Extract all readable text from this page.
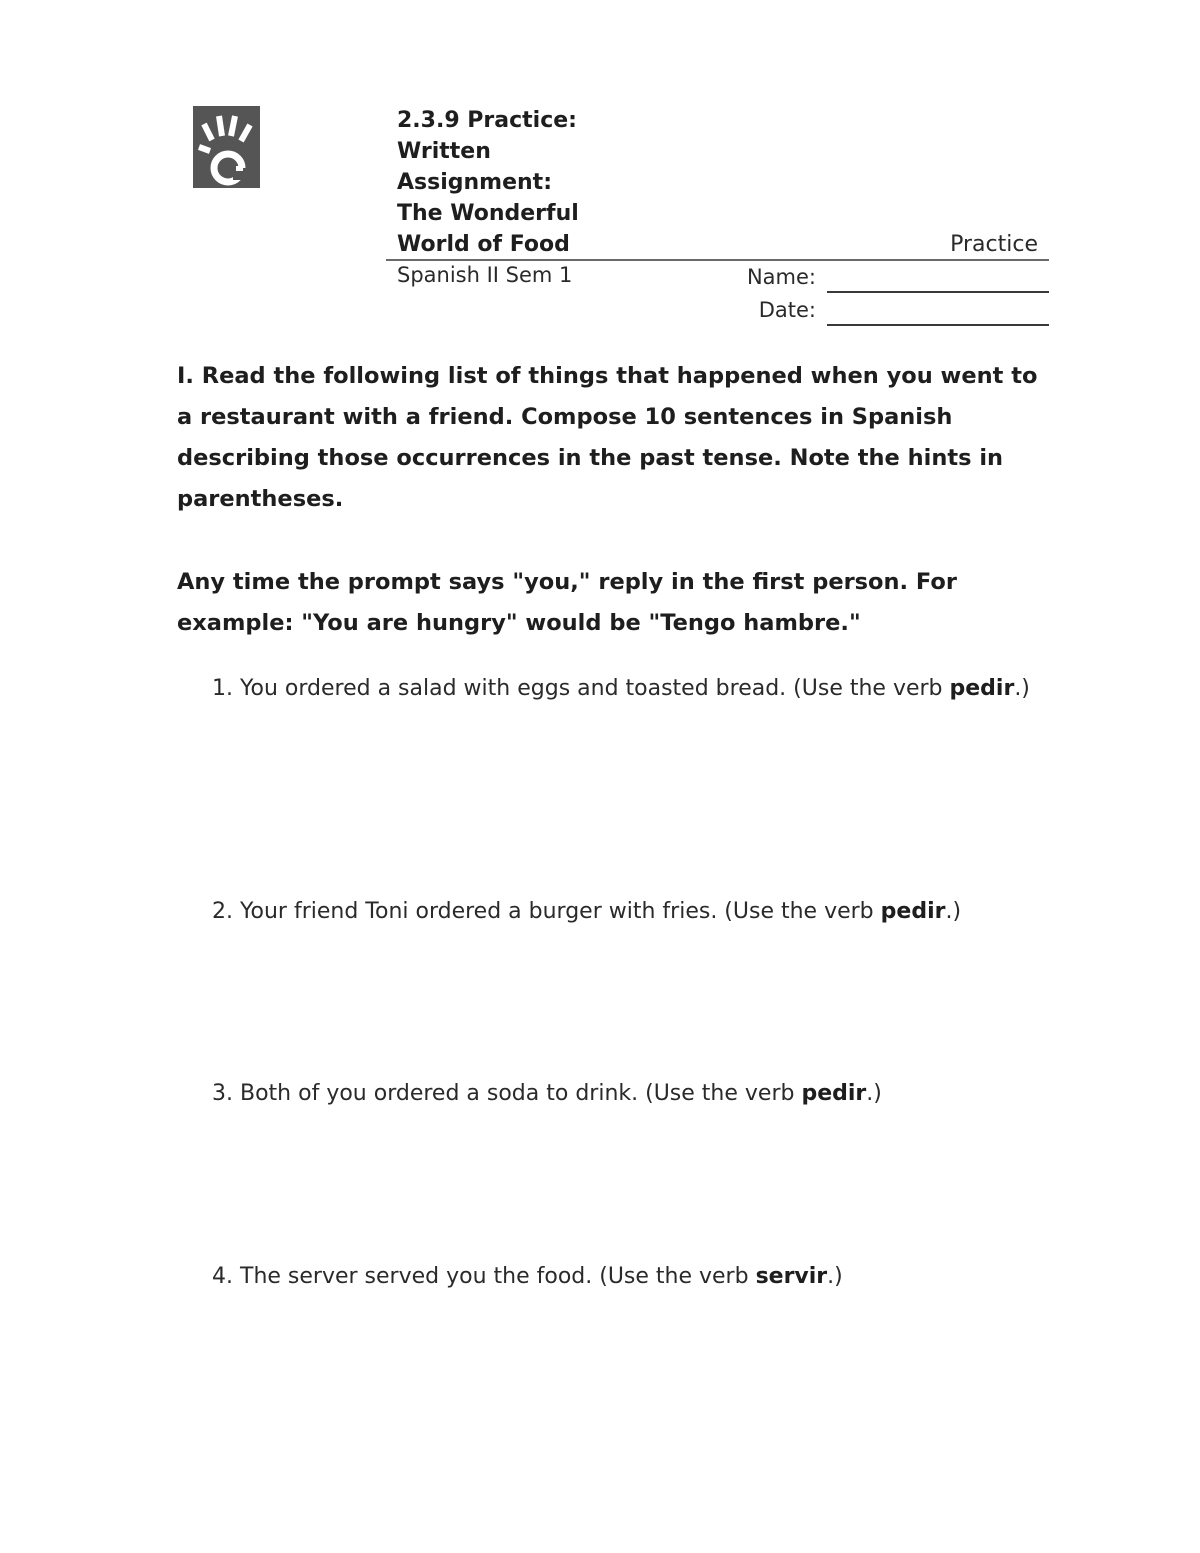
2.3.9 Practice:
Written
Assignment:
The Wonderful
World of Food	Practice
Spanish II Sem 1	Name:
Date:
I. Read the following list of things that happened when you went to a restaurant with a friend. Compose 10 sentences in Spanish describing those occurrences in the past tense. Note the hints in parentheses.
Any time the prompt says "you," reply in the first person. For example: "You are hungry" would be "Tengo hambre."
1. You ordered a salad with eggs and toasted bread. (Use the verb pedir.)
2. Your friend Toni ordered a burger with fries. (Use the verb pedir.)
3. Both of you ordered a soda to drink. (Use the verb pedir.)
4. The server served you the food. (Use the verb servir.)
